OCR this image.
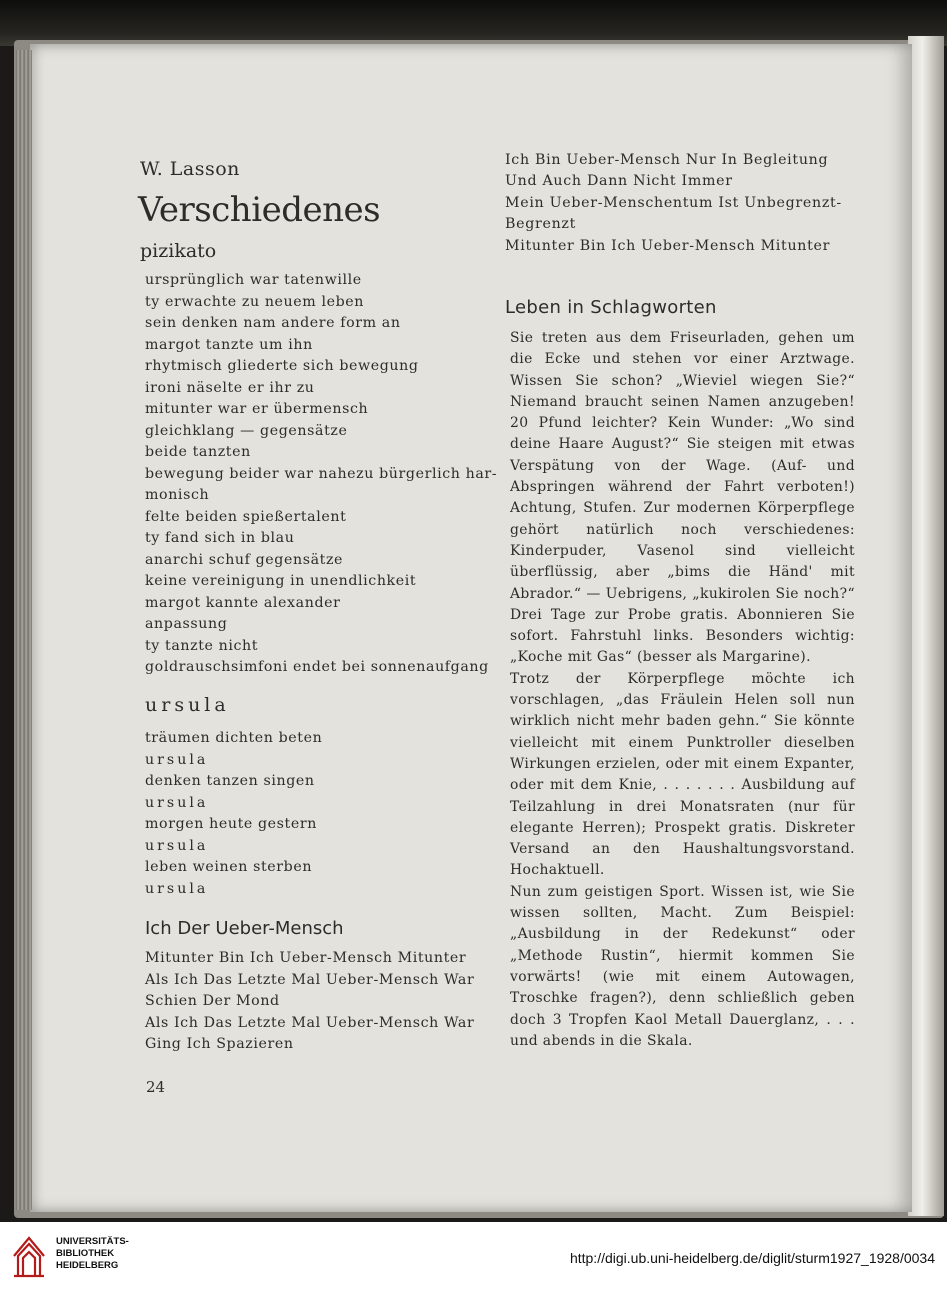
W. Lasson
Verschiedenes
pizikato
ursprünglich war tatenwille
ty erwachte zu neuem leben
sein denken nam andere form an
margot tanzte um ihn
rhytmisch gliederte sich bewegung
ironi näselte er ihr zu
mitunter war er übermensch
gleichklang — gegensätze
beide tanzten
bewegung beider war nahezu bürgerlich har-
monisch
felte beiden spießertalent
ty fand sich in blau
anarchi schuf gegensätze
keine vereinigung in unendlichkeit
margot kannte alexander
anpassung
ty tanzte nicht
goldrauschsimfoni endet bei sonnenaufgang
ursula
träumen dichten beten
ursula
denken tanzen singen
ursula
morgen heute gestern
ursula
leben weinen sterben
ursula
Ich Der Ueber-Mensch
Mitunter Bin Ich Ueber-Mensch Mitunter
Als Ich Das Letzte Mal Ueber-Mensch War
Schien Der Mond
Als Ich Das Letzte Mal Ueber-Mensch War
Ging Ich Spazieren
24
Ich Bin Ueber-Mensch Nur In Begleitung
Und Auch Dann Nicht Immer
Mein Ueber-Menschentum Ist Unbegrenzt-
Begrenzt
Mitunter Bin Ich Ueber-Mensch Mitunter
Leben in Schlagworten

Sie treten aus dem Friseurladen, gehen um die Ecke und stehen vor einer Arztwage. Wissen Sie schon? „Wieviel wiegen Sie?“ Niemand braucht seinen Namen anzugeben! 20 Pfund leichter? Kein Wunder: „Wo sind deine Haare August?“ Sie steigen mit etwas Verspätung von der Wage. (Auf- und Abspringen während der Fahrt verboten!) Achtung, Stufen. Zur modernen Körperpflege gehört natürlich noch verschiedenes: Kinderpuder, Vasenol sind vielleicht überflüssig, aber „bims die Händ' mit Abrador.“ — Uebrigens, „kukirolen Sie noch?“ Drei Tage zur Probe gratis. Abonnieren Sie sofort. Fahrstuhl links. Besonders wichtig: „Koche mit Gas“ (besser als Margarine).

Trotz der Körperpflege möchte ich vorschlagen, „das Fräulein Helen soll nun wirklich nicht mehr baden gehn.“ Sie könnte vielleicht mit einem Punktroller dieselben Wirkungen erzielen, oder mit einem Expanter, oder mit dem Knie, . . . . . . . Ausbildung auf Teilzahlung in drei Monatsraten (nur für elegante Herren); Prospekt gratis. Diskreter Versand an den Haushaltungsvorstand. Hochaktuell.

Nun zum geistigen Sport. Wissen ist, wie Sie wissen sollten, Macht. Zum Beispiel: „Ausbildung in der Redekunst“ oder „Methode Rustin“, hiermit kommen Sie vorwärts! (wie mit einem Autowagen, Troschke fragen?), denn schließlich geben doch 3 Tropfen Kaol Metall Dauerglanz, . . . und abends in die Skala.

UNIVERSITÄTS-
BIBLIOTHEK
HEIDELBERG	http://digi.ub.uni-heidelberg.de/diglit/sturm1927_1928/0034
